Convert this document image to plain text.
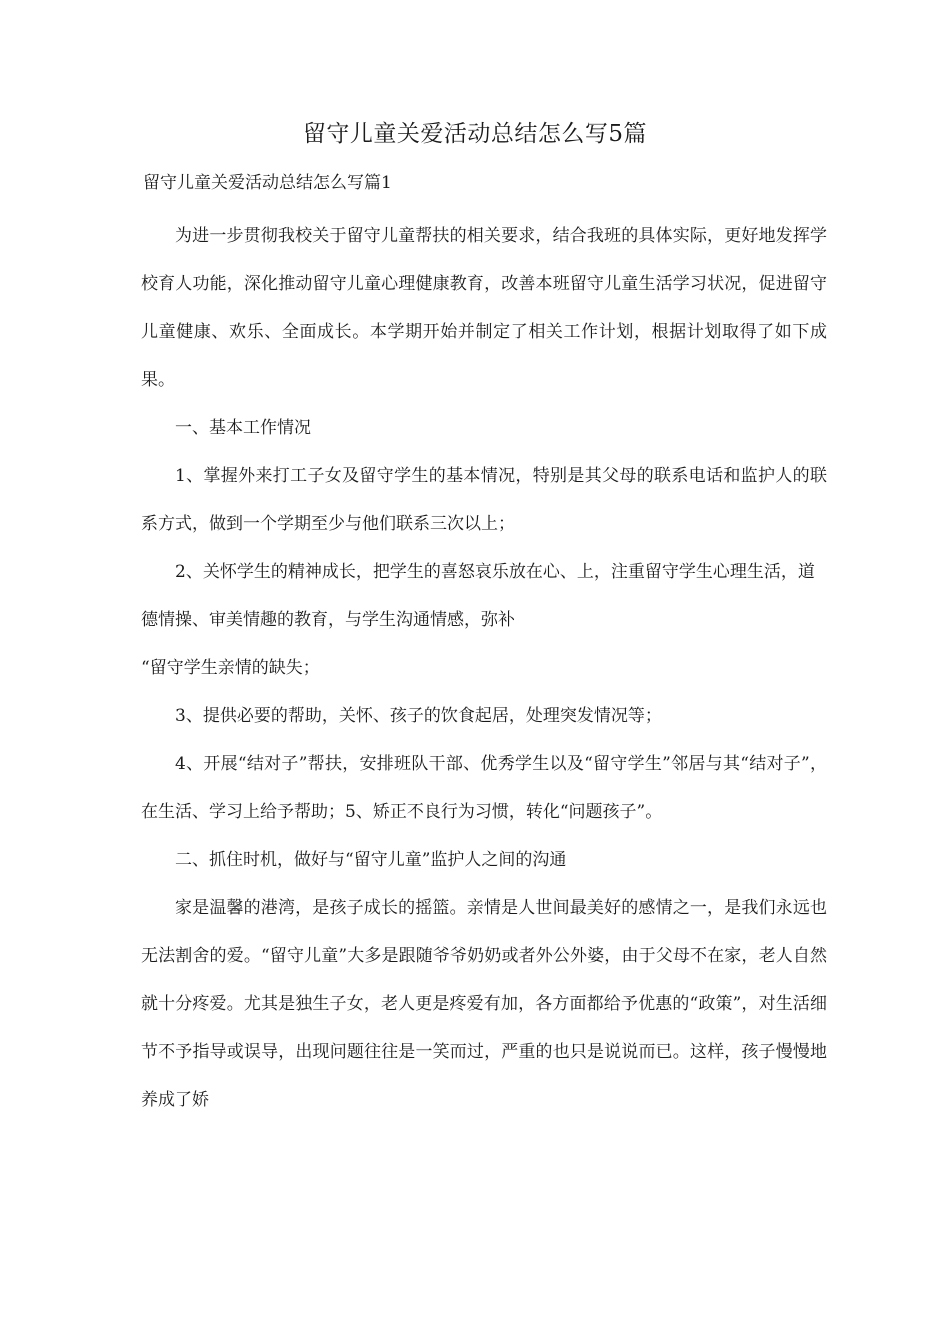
留守儿童关爱活动总结怎么写5篇

留守儿童关爱活动总结怎么写篇1

为进一步贯彻我校关于留守儿童帮扶的相关要求，结合我班的具体实际，更好地发挥学校育人功能，深化推动留守儿童心理健康教育，改善本班留守儿童生活学习状况，促进留守儿童健康、欢乐、全面成长。本学期开始并制定了相关工作计划，根据计划取得了如下成果。

一、基本工作情况

1、掌握外来打工子女及留守学生的基本情况，特别是其父母的联系电话和监护人的联系方式，做到一个学期至少与他们联系三次以上；

2、关怀学生的精神成长，把学生的喜怒哀乐放在心、上，注重留守学生心理生活，道德情操、审美情趣的教育，与学生沟通情感，弥补

“留守学生亲情的缺失；

3、提供必要的帮助，关怀、孩子的饮食起居，处理突发情况等；

4、开展“结对子”帮扶，安排班队干部、优秀学生以及“留守学生”邻居与其“结对子”，在生活、学习上给予帮助；5、矫正不良行为习惯，转化“问题孩子”。

二、抓住时机，做好与“留守儿童”监护人之间的沟通

家是温馨的港湾，是孩子成长的摇篮。亲情是人世间最美好的感情之一，是我们永远也无法割舍的爱。“留守儿童”大多是跟随爷爷奶奶或者外公外婆，由于父母不在家，老人自然就十分疼爱。尤其是独生子女，老人更是疼爱有加，各方面都给予优惠的“政策”，对生活细节不予指导或误导，出现问题往往是一笑而过，严重的也只是说说而已。这样，孩子慢慢地养成了娇
